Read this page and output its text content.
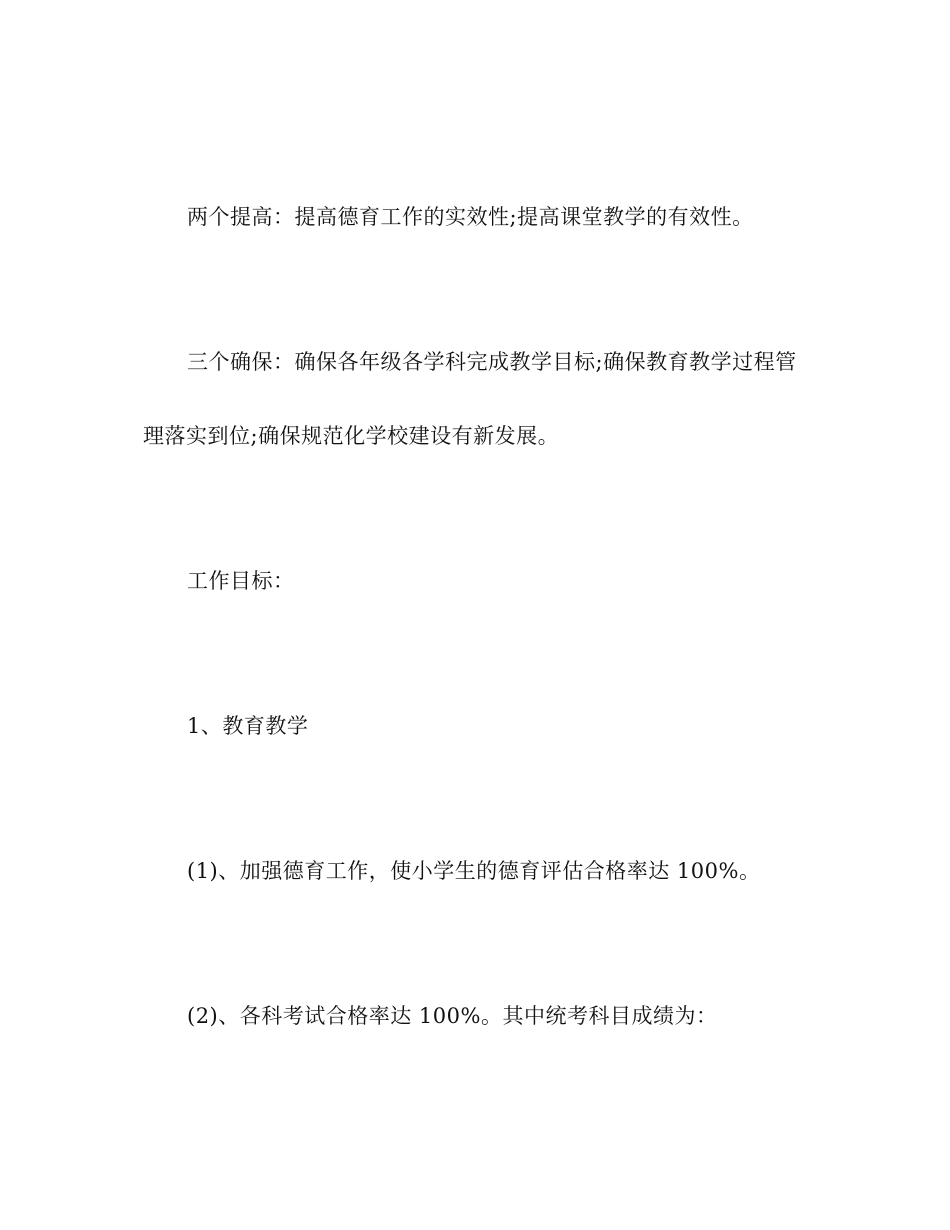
两个提高：提高德育工作的实效性;提高课堂教学的有效性。
三个确保：确保各年级各学科完成教学目标;确保教育教学过程管
理落实到位;确保规范化学校建设有新发展。
工作目标：
1、教育教学
(1)、加强德育工作，使小学生的德育评估合格率达 100%。
(2)、各科考试合格率达 100%。其中统考科目成绩为：
